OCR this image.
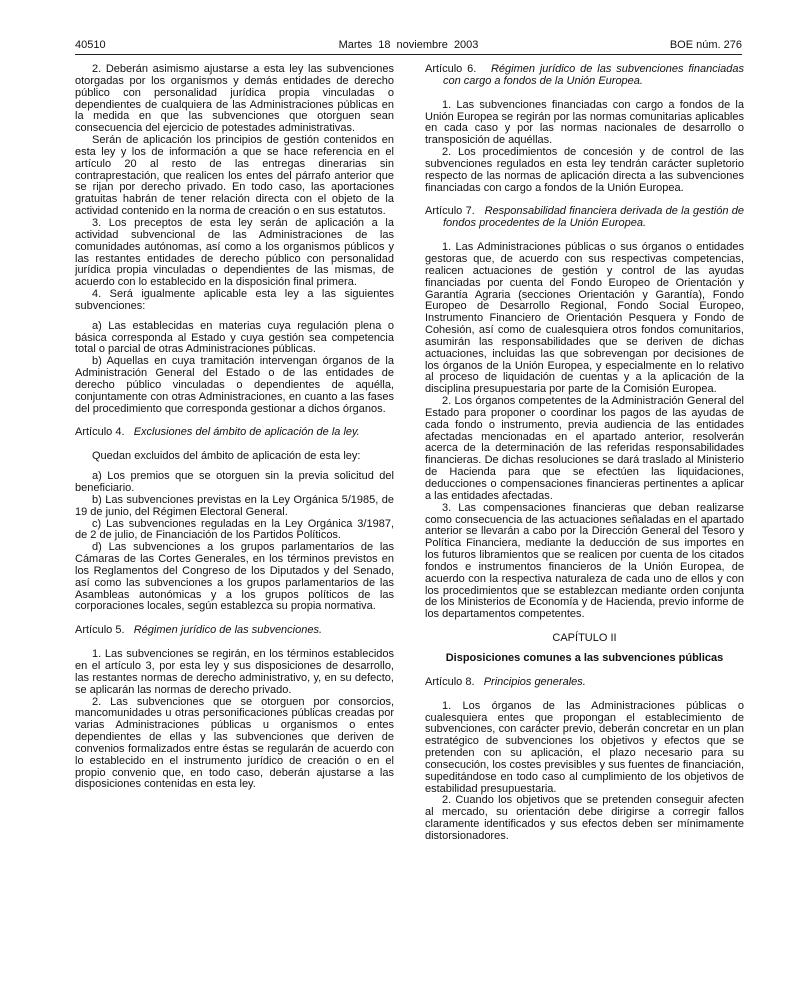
40510	Martes 18 noviembre 2003	BOE núm. 276

2. Deberán asimismo ajustarse a esta ley las subvenciones otorgadas por los organismos y demás entidades de derecho público con personalidad jurídica propia vinculadas o dependientes de cualquiera de las Administraciones públicas en la medida en que las subvenciones que otorguen sean consecuencia del ejercicio de potestades administrativas.

Serán de aplicación los principios de gestión contenidos en esta ley y los de información a que se hace referencia en el artículo 20 al resto de las entregas dinerarias sin contraprestación, que realicen los entes del párrafo anterior que se rijan por derecho privado. En todo caso, las aportaciones gratuitas habrán de tener relación directa con el objeto de la actividad contenido en la norma de creación o en sus estatutos.

3. Los preceptos de esta ley serán de aplicación a la actividad subvencional de las Administraciones de las comunidades autónomas, así como a los organismos públicos y las restantes entidades de derecho público con personalidad jurídica propia vinculadas o dependientes de las mismas, de acuerdo con lo establecido en la disposición final primera.

4. Será igualmente aplicable esta ley a las siguientes subvenciones:

a) Las establecidas en materias cuya regulación plena o básica corresponda al Estado y cuya gestión sea competencia total o parcial de otras Administraciones públicas.

b) Aquellas en cuya tramitación intervengan órganos de la Administración General del Estado o de las entidades de derecho público vinculadas o dependientes de aquélla, conjuntamente con otras Administraciones, en cuanto a las fases del procedimiento que corresponda gestionar a dichos órganos.

Artículo 4. Exclusiones del ámbito de aplicación de la ley.

Quedan excluidos del ámbito de aplicación de esta ley:

a) Los premios que se otorguen sin la previa solicitud del beneficiario.

b) Las subvenciones previstas en la Ley Orgánica 5/1985, de 19 de junio, del Régimen Electoral General.

c) Las subvenciones reguladas en la Ley Orgánica 3/1987, de 2 de julio, de Financiación de los Partidos Políticos.

d) Las subvenciones a los grupos parlamentarios de las Cámaras de las Cortes Generales, en los términos previstos en los Reglamentos del Congreso de los Diputados y del Senado, así como las subvenciones a los grupos parlamentarios de las Asambleas autonómicas y a los grupos políticos de las corporaciones locales, según establezca su propia normativa.

Artículo 5. Régimen jurídico de las subvenciones.

1. Las subvenciones se regirán, en los términos establecidos en el artículo 3, por esta ley y sus disposiciones de desarrollo, las restantes normas de derecho administrativo, y, en su defecto, se aplicarán las normas de derecho privado.

2. Las subvenciones que se otorguen por consorcios, mancomunidades u otras personificaciones públicas creadas por varias Administraciones públicas u organismos o entes dependientes de ellas y las subvenciones que deriven de convenios formalizados entre éstas se regularán de acuerdo con lo establecido en el instrumento jurídico de creación o en el propio convenio que, en todo caso, deberán ajustarse a las disposiciones contenidas en esta ley.

Artículo 6. Régimen jurídico de las subvenciones financiadas con cargo a fondos de la Unión Europea.

1. Las subvenciones financiadas con cargo a fondos de la Unión Europea se regirán por las normas comunitarias aplicables en cada caso y por las normas nacionales de desarrollo o transposición de aquéllas.

2. Los procedimientos de concesión y de control de las subvenciones regulados en esta ley tendrán carácter supletorio respecto de las normas de aplicación directa a las subvenciones financiadas con cargo a fondos de la Unión Europea.

Artículo 7. Responsabilidad financiera derivada de la gestión de fondos procedentes de la Unión Europea.

1. Las Administraciones públicas o sus órganos o entidades gestoras que, de acuerdo con sus respectivas competencias, realicen actuaciones de gestión y control de las ayudas financiadas por cuenta del Fondo Europeo de Orientación y Garantía Agraria (secciones Orientación y Garantía), Fondo Europeo de Desarrollo Regional, Fondo Social Europeo, Instrumento Financiero de Orientación Pesquera y Fondo de Cohesión, así como de cualesquiera otros fondos comunitarios, asumirán las responsabilidades que se deriven de dichas actuaciones, incluidas las que sobrevengan por decisiones de los órganos de la Unión Europea, y especialmente en lo relativo al proceso de liquidación de cuentas y a la aplicación de la disciplina presupuestaria por parte de la Comisión Europea.

2. Los órganos competentes de la Administración General del Estado para proponer o coordinar los pagos de las ayudas de cada fondo o instrumento, previa audiencia de las entidades afectadas mencionadas en el apartado anterior, resolverán acerca de la determinación de las referidas responsabilidades financieras. De dichas resoluciones se dará traslado al Ministerio de Hacienda para que se efectúen las liquidaciones, deducciones o compensaciones financieras pertinentes a aplicar a las entidades afectadas.

3. Las compensaciones financieras que deban realizarse como consecuencia de las actuaciones señaladas en el apartado anterior se llevarán a cabo por la Dirección General del Tesoro y Política Financiera, mediante la deducción de sus importes en los futuros libramientos que se realicen por cuenta de los citados fondos e instrumentos financieros de la Unión Europea, de acuerdo con la respectiva naturaleza de cada uno de ellos y con los procedimientos que se establezcan mediante orden conjunta de los Ministerios de Economía y de Hacienda, previo informe de los departamentos competentes.

CAPÍTULO II
Disposiciones comunes a las subvenciones públicas
Artículo 8. Principios generales.

1. Los órganos de las Administraciones públicas o cualesquiera entes que propongan el establecimiento de subvenciones, con carácter previo, deberán concretar en un plan estratégico de subvenciones los objetivos y efectos que se pretenden con su aplicación, el plazo necesario para su consecución, los costes previsibles y sus fuentes de financiación, supeditándose en todo caso al cumplimiento de los objetivos de estabilidad presupuestaria.

2. Cuando los objetivos que se pretenden conseguir afecten al mercado, su orientación debe dirigirse a corregir fallos claramente identificados y sus efectos deben ser mínimamente distorsionadores.
